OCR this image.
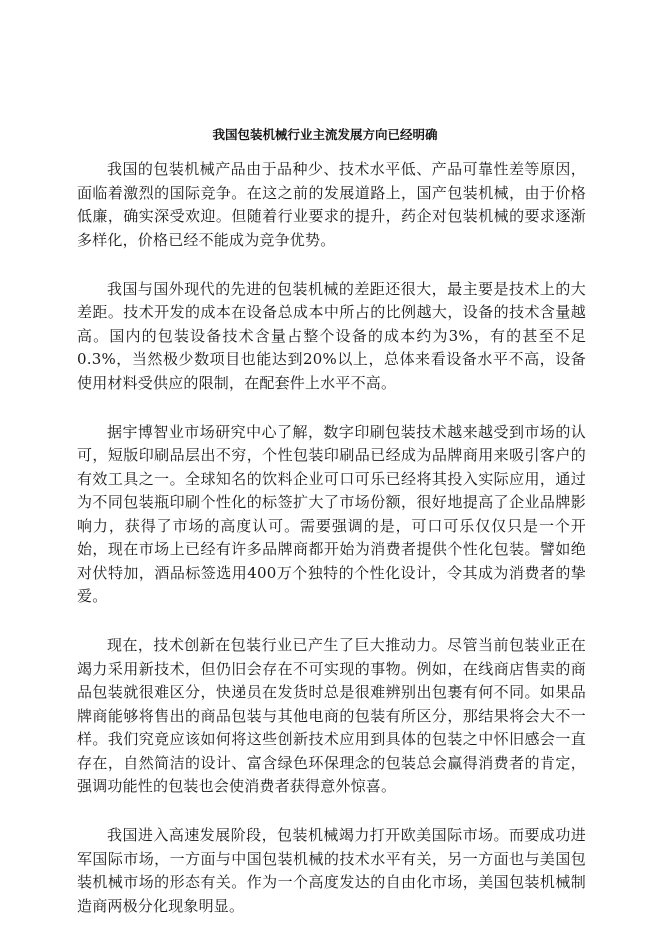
我国包装机械行业主流发展方向已经明确

我国的包装机械产品由于品种少、技术水平低、产品可靠性差等原因，面临着激烈的国际竞争。在这之前的发展道路上，国产包装机械，由于价格低廉，确实深受欢迎。但随着行业要求的提升，药企对包装机械的要求逐渐多样化，价格已经不能成为竞争优势。

我国与国外现代的先进的包装机械的差距还很大，最主要是技术上的大差距。技术开发的成本在设备总成本中所占的比例越大，设备的技术含量越高。国内的包装设备技术含量占整个设备的成本约为3%，有的甚至不足0.3%，当然极少数项目也能达到20%以上，总体来看设备水平不高，设备使用材料受供应的限制，在配套件上水平不高。

据宇博智业市场研究中心了解，数字印刷包装技术越来越受到市场的认可，短版印刷品层出不穷，个性包装印刷品已经成为品牌商用来吸引客户的有效工具之一。全球知名的饮料企业可口可乐已经将其投入实际应用，通过为不同包装瓶印刷个性化的标签扩大了市场份额，很好地提高了企业品牌影响力，获得了市场的高度认可。需要强调的是，可口可乐仅仅只是一个开始，现在市场上已经有许多品牌商都开始为消费者提供个性化包装。譬如绝对伏特加，酒品标签选用400万个独特的个性化设计，令其成为消费者的挚爱。

现在，技术创新在包装行业已产生了巨大推动力。尽管当前包装业正在竭力采用新技术，但仍旧会存在不可实现的事物。例如，在线商店售卖的商品包装就很难区分，快递员在发货时总是很难辨别出包裹有何不同。如果品牌商能够将售出的商品包装与其他电商的包装有所区分，那结果将会大不一样。我们究竟应该如何将这些创新技术应用到具体的包装之中怀旧感会一直存在，自然简洁的设计、富含绿色环保理念的包装总会赢得消费者的肯定，强调功能性的包装也会使消费者获得意外惊喜。

我国进入高速发展阶段，包装机械竭力打开欧美国际市场。而要成功进军国际市场，一方面与中国包装机械的技术水平有关，另一方面也与美国包装机械市场的形态有关。作为一个高度发达的自由化市场，美国包装机械制造商两极分化现象明显。
